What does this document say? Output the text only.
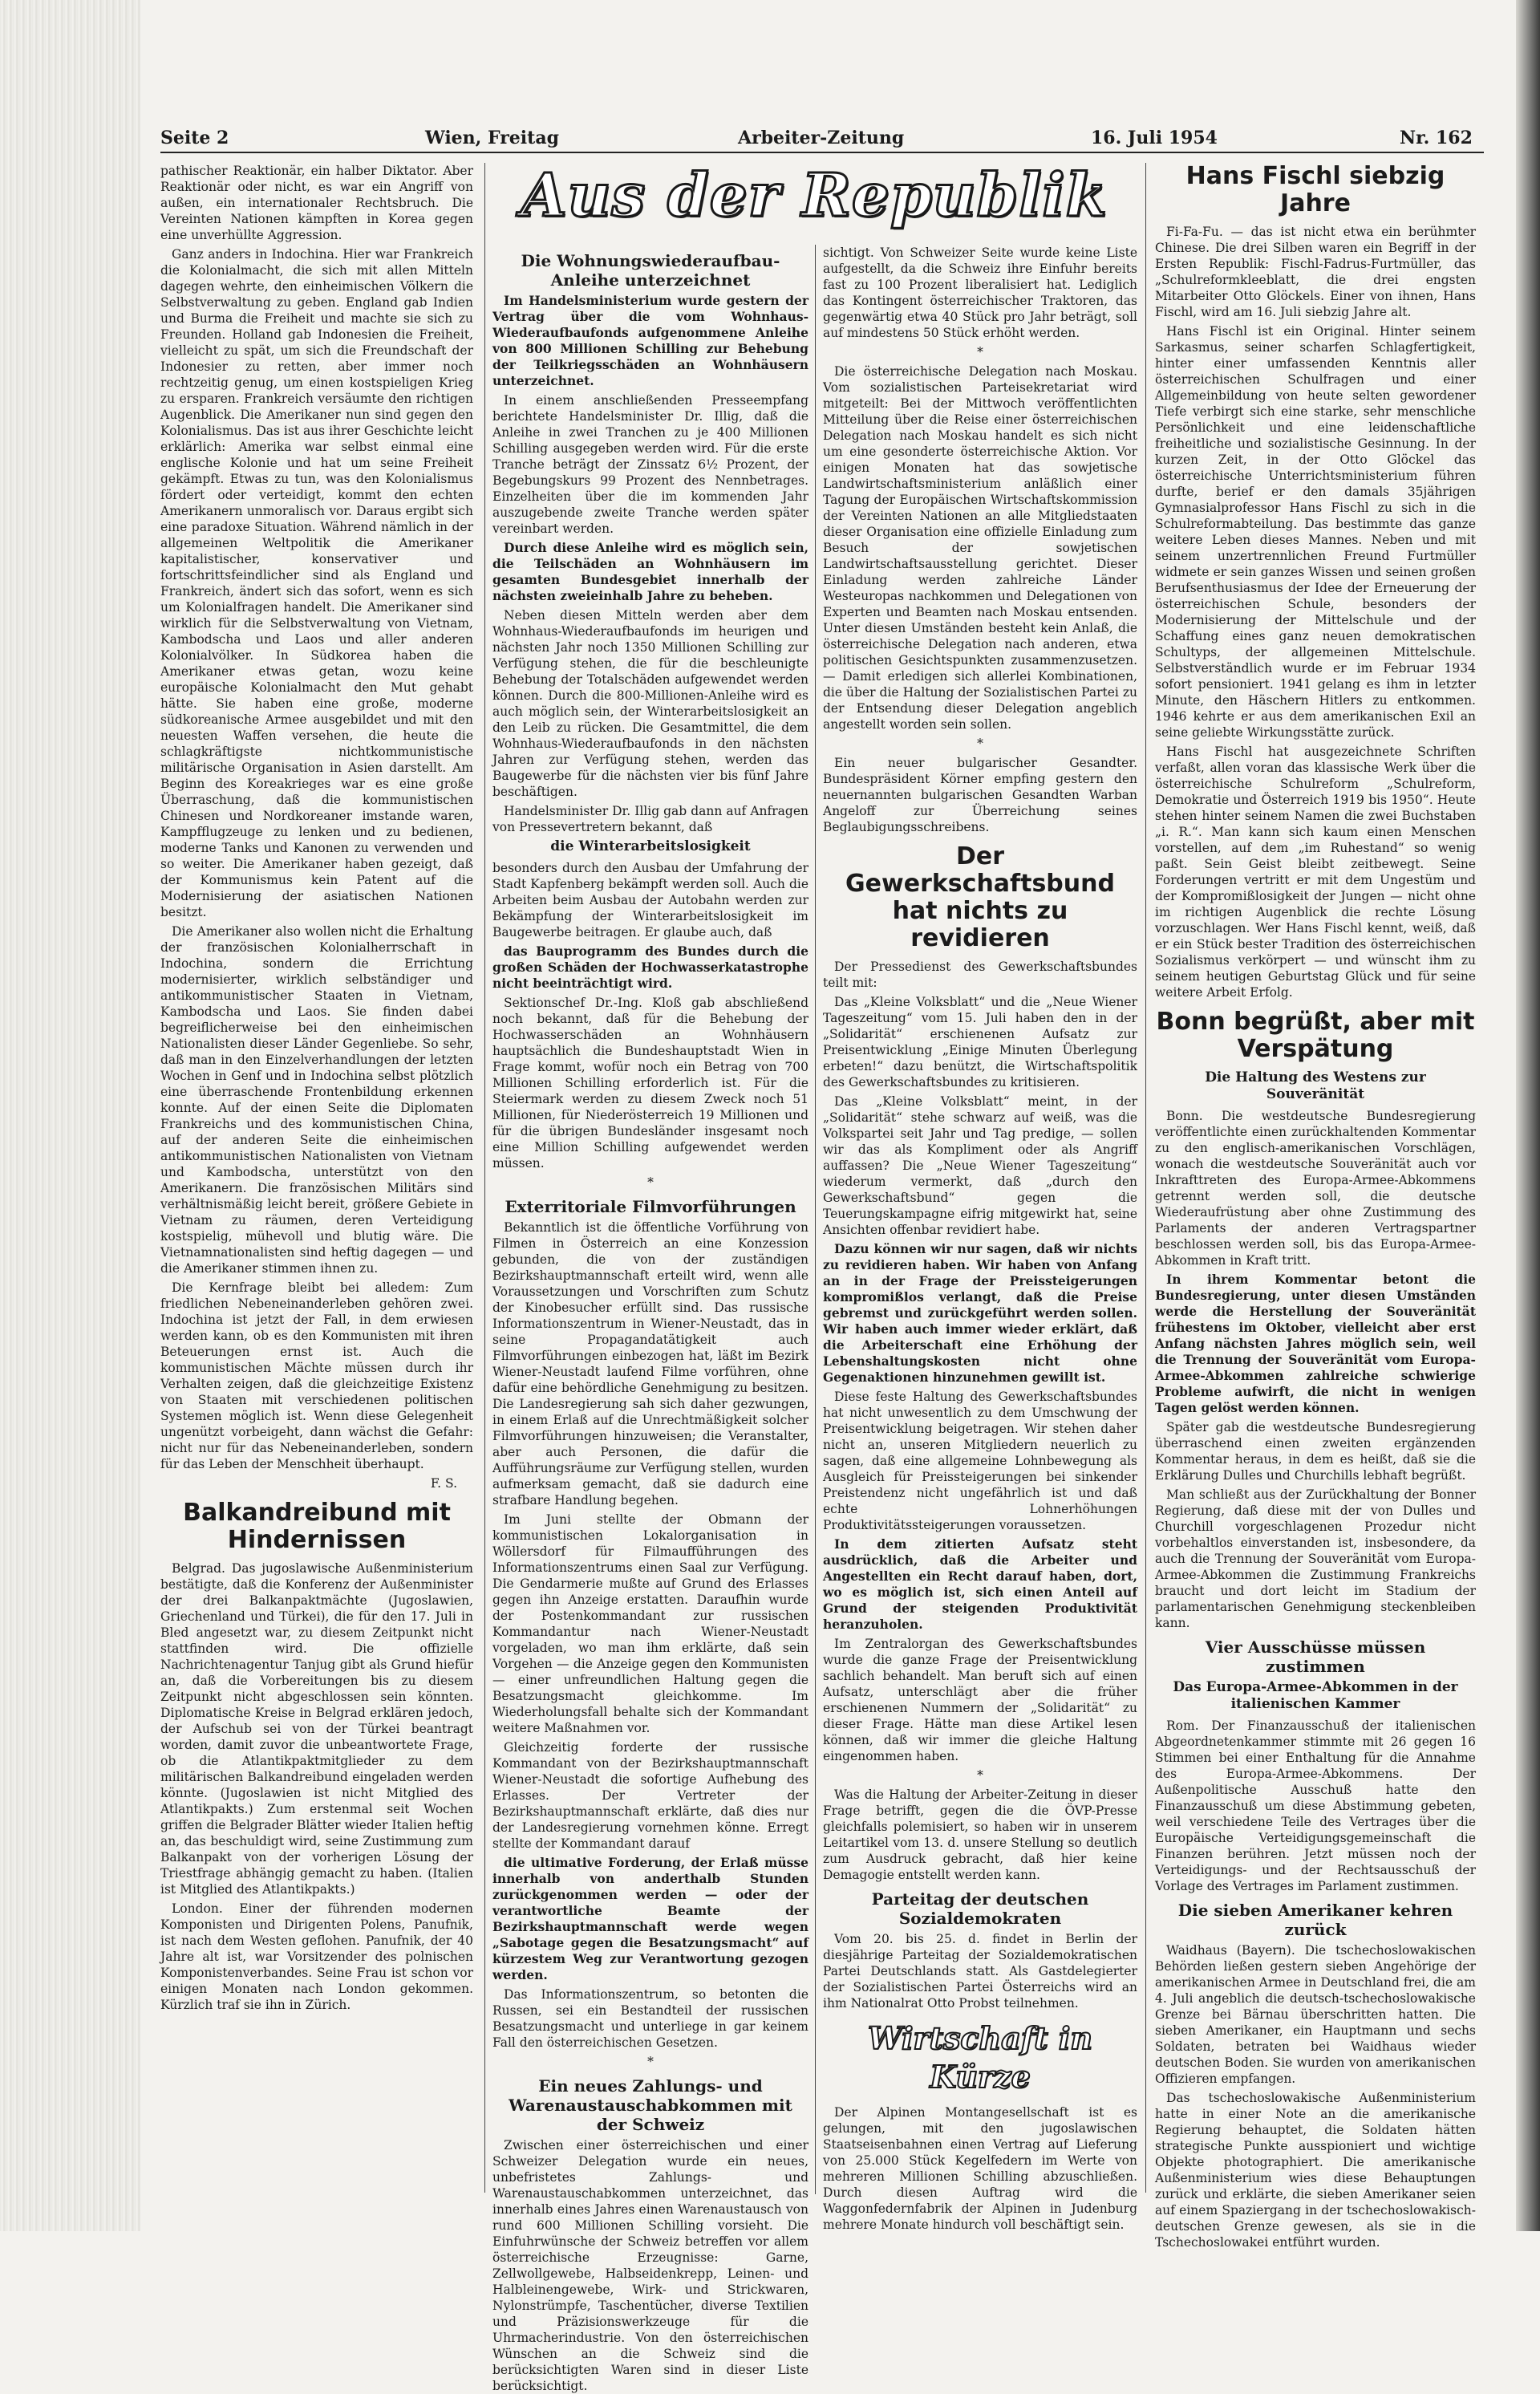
Seite 2	Wien, Freitag	Arbeiter-Zeitung	16. Juli 1954	Nr. 162

pathischer Reaktionär, ein halber Diktator. Aber Reaktionär oder nicht, es war ein Angriff von außen, ein internationaler Rechtsbruch. Die Vereinten Nationen kämpften in Korea gegen eine unverhüllte Aggression.

Ganz anders in Indochina. Hier war Frankreich die Kolonialmacht, die sich mit allen Mitteln dagegen wehrte, den einheimischen Völkern die Selbstverwaltung zu geben. England gab Indien und Burma die Freiheit und machte sie sich zu Freunden. Holland gab Indonesien die Freiheit, vielleicht zu spät, um sich die Freundschaft der Indonesier zu retten, aber immer noch rechtzeitig genug, um einen kostspieligen Krieg zu ersparen. Frankreich versäumte den richtigen Augenblick. Die Amerikaner nun sind gegen den Kolonialismus. Das ist aus ihrer Geschichte leicht erklärlich: Amerika war selbst einmal eine englische Kolonie und hat um seine Freiheit gekämpft. Etwas zu tun, was den Kolonialismus fördert oder verteidigt, kommt den echten Amerikanern unmoralisch vor. Daraus ergibt sich eine paradoxe Situation. Während nämlich in der allgemeinen Weltpolitik die Amerikaner kapitalistischer, konservativer und fortschrittsfeindlicher sind als England und Frankreich, ändert sich das sofort, wenn es sich um Kolonialfragen handelt. Die Amerikaner sind wirklich für die Selbstverwaltung von Vietnam, Kambodscha und Laos und aller anderen Kolonialvölker. In Südkorea haben die Amerikaner etwas getan, wozu keine europäische Kolonialmacht den Mut gehabt hätte. Sie haben eine große, moderne südkoreanische Armee ausgebildet und mit den neuesten Waffen versehen, die heute die schlagkräftigste nichtkommunistische militärische Organisation in Asien darstellt. Am Beginn des Koreakrieges war es eine große Überraschung, daß die kommunistischen Chinesen und Nordkoreaner imstande waren, Kampfflugzeuge zu lenken und zu bedienen, moderne Tanks und Kanonen zu verwenden und so weiter. Die Amerikaner haben gezeigt, daß der Kommunismus kein Patent auf die Modernisierung der asiatischen Nationen besitzt.

Die Amerikaner also wollen nicht die Erhaltung der französischen Kolonialherrschaft in Indochina, sondern die Errichtung modernisierter, wirklich selbständiger und antikommunistischer Staaten in Vietnam, Kambodscha und Laos. Sie finden dabei begreiflicherweise bei den einheimischen Nationalisten dieser Länder Gegenliebe. So sehr, daß man in den Einzelverhandlungen der letzten Wochen in Genf und in Indochina selbst plötzlich eine überraschende Frontenbildung erkennen konnte. Auf der einen Seite die Diplomaten Frankreichs und des kommunistischen China, auf der anderen Seite die einheimischen antikommunistischen Nationalisten von Vietnam und Kambodscha, unterstützt von den Amerikanern. Die französischen Militärs sind verhältnismäßig leicht bereit, größere Gebiete in Vietnam zu räumen, deren Verteidigung kostspielig, mühevoll und blutig wäre. Die Vietnamnationalisten sind heftig dagegen — und die Amerikaner stimmen ihnen zu.

Die Kernfrage bleibt bei alledem: Zum friedlichen Nebeneinanderleben gehören zwei. Indochina ist jetzt der Fall, in dem erwiesen werden kann, ob es den Kommunisten mit ihren Beteuerungen ernst ist. Auch die kommunistischen Mächte müssen durch ihr Verhalten zeigen, daß die gleichzeitige Existenz von Staaten mit verschiedenen politischen Systemen möglich ist. Wenn diese Gelegenheit ungenützt vorbeigeht, dann wächst die Gefahr: nicht nur für das Nebeneinanderleben, sondern für das Leben der Menschheit überhaupt.

F. S.
Balkandreibund mit Hindernissen

Belgrad. Das jugoslawische Außenministerium bestätigte, daß die Konferenz der Außenminister der drei Balkanpaktmächte (Jugoslawien, Griechenland und Türkei), die für den 17. Juli in Bled angesetzt war, zu diesem Zeitpunkt nicht stattfinden wird. Die offizielle Nachrichtenagentur Tanjug gibt als Grund hiefür an, daß die Vorbereitungen bis zu diesem Zeitpunkt nicht abgeschlossen sein könnten. Diplomatische Kreise in Belgrad erklären jedoch, der Aufschub sei von der Türkei beantragt worden, damit zuvor die unbeantwortete Frage, ob die Atlantikpaktmitglieder zu dem militärischen Balkandreibund eingeladen werden könnte. (Jugoslawien ist nicht Mitglied des Atlantikpakts.) Zum erstenmal seit Wochen griffen die Belgrader Blätter wieder Italien heftig an, das beschuldigt wird, seine Zustimmung zum Balkanpakt von der vorherigen Lösung der Triestfrage abhängig gemacht zu haben. (Italien ist Mitglied des Atlantikpakts.)

London. Einer der führenden modernen Komponisten und Dirigenten Polens, Panufnik, ist nach dem Westen geflohen. Panufnik, der 40 Jahre alt ist, war Vorsitzender des polnischen Komponistenverbandes. Seine Frau ist schon vor einigen Monaten nach London gekommen. Kürzlich traf sie ihn in Zürich.

Aus der Republik
Die Wohnungswiederaufbau-Anleihe unterzeichnet

Im Handelsministerium wurde gestern der Vertrag über die vom Wohnhaus-Wiederaufbaufonds aufgenommene Anleihe von 800 Millionen Schilling zur Behebung der Teilkriegsschäden an Wohnhäusern unterzeichnet.

In einem anschließenden Presseempfang berichtete Handelsminister Dr. Illig, daß die Anleihe in zwei Tranchen zu je 400 Millionen Schilling ausgegeben werden wird. Für die erste Tranche beträgt der Zinssatz 6½ Prozent, der Begebungskurs 99 Prozent des Nennbetrages. Einzelheiten über die im kommenden Jahr auszugebende zweite Tranche werden später vereinbart werden.

Durch diese Anleihe wird es möglich sein, die Teilschäden an Wohnhäusern im gesamten Bundesgebiet innerhalb der nächsten zweieinhalb Jahre zu beheben.

Neben diesen Mitteln werden aber dem Wohnhaus-Wiederaufbaufonds im heurigen und nächsten Jahr noch 1350 Millionen Schilling zur Verfügung stehen, die für die beschleunigte Behebung der Totalschäden aufgewendet werden können. Durch die 800-Millionen-Anleihe wird es auch möglich sein, der Winterarbeitslosigkeit an den Leib zu rücken. Die Gesamtmittel, die dem Wohnhaus-Wiederaufbaufonds in den nächsten Jahren zur Verfügung stehen, werden das Baugewerbe für die nächsten vier bis fünf Jahre beschäftigen.

Handelsminister Dr. Illig gab dann auf Anfragen von Pressevertretern bekannt, daß

die Winterarbeitslosigkeit

besonders durch den Ausbau der Umfahrung der Stadt Kapfenberg bekämpft werden soll. Auch die Arbeiten beim Ausbau der Autobahn werden zur Bekämpfung der Winterarbeitslosigkeit im Baugewerbe beitragen. Er glaube auch, daß

das Bauprogramm des Bundes durch die großen Schäden der Hochwasserkatastrophe nicht beeinträchtigt wird.

Sektionschef Dr.-Ing. Kloß gab abschließend noch bekannt, daß für die Behebung der Hochwasserschäden an Wohnhäusern hauptsächlich die Bundeshauptstadt Wien in Frage kommt, wofür noch ein Betrag von 700 Millionen Schilling erforderlich ist. Für die Steiermark werden zu diesem Zweck noch 51 Millionen, für Niederösterreich 19 Millionen und für die übrigen Bundesländer insgesamt noch eine Million Schilling aufgewendet werden müssen.

*
Exterritoriale Filmvorführungen

Bekanntlich ist die öffentliche Vorführung von Filmen in Österreich an eine Konzession gebunden, die von der zuständigen Bezirkshauptmannschaft erteilt wird, wenn alle Voraussetzungen und Vorschriften zum Schutz der Kinobesucher erfüllt sind. Das russische Informationszentrum in Wiener-Neustadt, das in seine Propagandatätigkeit auch Filmvorführungen einbezogen hat, läßt im Bezirk Wiener-Neustadt laufend Filme vorführen, ohne dafür eine behördliche Genehmigung zu besitzen. Die Landesregierung sah sich daher gezwungen, in einem Erlaß auf die Unrechtmäßigkeit solcher Filmvorführungen hinzuweisen; die Veranstalter, aber auch Personen, die dafür die Aufführungsräume zur Verfügung stellen, wurden aufmerksam gemacht, daß sie dadurch eine strafbare Handlung begehen.

Im Juni stellte der Obmann der kommunistischen Lokalorganisation in Wöllersdorf für Filmaufführungen des Informationszentrums einen Saal zur Verfügung. Die Gendarmerie mußte auf Grund des Erlasses gegen ihn Anzeige erstatten. Daraufhin wurde der Postenkommandant zur russischen Kommandantur nach Wiener-Neustadt vorgeladen, wo man ihm erklärte, daß sein Vorgehen — die Anzeige gegen den Kommunisten — einer unfreundlichen Haltung gegen die Besatzungsmacht gleichkomme. Im Wiederholungsfall behalte sich der Kommandant weitere Maßnahmen vor.

Gleichzeitig forderte der russische Kommandant von der Bezirkshauptmannschaft Wiener-Neustadt die sofortige Aufhebung des Erlasses. Der Vertreter der Bezirkshauptmannschaft erklärte, daß dies nur der Landesregierung vornehmen könne. Erregt stellte der Kommandant darauf

die ultimative Forderung, der Erlaß müsse innerhalb von anderthalb Stunden zurückgenommen werden — oder der verantwortliche Beamte der Bezirkshauptmannschaft werde wegen „Sabotage gegen die Besatzungsmacht“ auf kürzestem Weg zur Verantwortung gezogen werden.

Das Informationszentrum, so betonten die Russen, sei ein Bestandteil der russischen Besatzungsmacht und unterliege in gar keinem Fall den österreichischen Gesetzen.

*
Ein neues Zahlungs- und Warenaustauschabkommen mit der Schweiz

Zwischen einer österreichischen und einer Schweizer Delegation wurde ein neues, unbefristetes Zahlungs- und Warenaustauschabkommen unterzeichnet, das innerhalb eines Jahres einen Warenaustausch von rund 600 Millionen Schilling vorsieht. Die Einfuhrwünsche der Schweiz betreffen vor allem österreichische Erzeugnisse: Garne, Zellwollgewebe, Halbseidenkrepp, Leinen- und Halbleinengewebe, Wirk- und Strickwaren, Nylonstrümpfe, Taschentücher, diverse Textilien und Präzisionswerkzeuge für die Uhrmacherindustrie. Von den österreichischen Wünschen an die Schweiz sind die berücksichtigten Waren sind in dieser Liste berücksichtigt.

sichtigt. Von Schweizer Seite wurde keine Liste aufgestellt, da die Schweiz ihre Einfuhr bereits fast zu 100 Prozent liberalisiert hat. Lediglich das Kontingent österreichischer Traktoren, das gegenwärtig etwa 40 Stück pro Jahr beträgt, soll auf mindestens 50 Stück erhöht werden.

*

Die österreichische Delegation nach Moskau. Vom sozialistischen Parteisekretariat wird mitgeteilt: Bei der Mittwoch veröffentlichten Mitteilung über die Reise einer österreichischen Delegation nach Moskau handelt es sich nicht um eine gesonderte österreichische Aktion. Vor einigen Monaten hat das sowjetische Landwirtschaftsministerium anläßlich einer Tagung der Europäischen Wirtschaftskommission der Vereinten Nationen an alle Mitgliedstaaten dieser Organisation eine offizielle Einladung zum Besuch der sowjetischen Landwirtschaftsausstellung gerichtet. Dieser Einladung werden zahlreiche Länder Westeuropas nachkommen und Delegationen von Experten und Beamten nach Moskau entsenden. Unter diesen Umständen besteht kein Anlaß, die österreichische Delegation nach anderen, etwa politischen Gesichtspunkten zusammenzusetzen. — Damit erledigen sich allerlei Kombinationen, die über die Haltung der Sozialistischen Partei zu der Entsendung dieser Delegation angeblich angestellt worden sein sollen.

*

Ein neuer bulgarischer Gesandter. Bundespräsident Körner empfing gestern den neuernannten bulgarischen Gesandten Warban Angeloff zur Überreichung seines Beglaubigungsschreibens.

Der Gewerkschaftsbund hat nichts zu revidieren

Der Pressedienst des Gewerkschaftsbundes teilt mit:

Das „Kleine Volksblatt“ und die „Neue Wiener Tageszeitung“ vom 15. Juli haben den in der „Solidarität“ erschienenen Aufsatz zur Preisentwicklung „Einige Minuten Überlegung erbeten!“ dazu benützt, die Wirtschaftspolitik des Gewerkschaftsbundes zu kritisieren.

Das „Kleine Volksblatt“ meint, in der „Solidarität“ stehe schwarz auf weiß, was die Volkspartei seit Jahr und Tag predige, — sollen wir das als Kompliment oder als Angriff auffassen? Die „Neue Wiener Tageszeitung“ wiederum vermerkt, daß „durch den Gewerkschaftsbund“ gegen die Teuerungskampagne eifrig mitgewirkt hat, seine Ansichten offenbar revidiert habe.

Dazu können wir nur sagen, daß wir nichts zu revidieren haben. Wir haben von Anfang an in der Frage der Preissteigerungen kompromißlos verlangt, daß die Preise gebremst und zurückgeführt werden sollen. Wir haben auch immer wieder erklärt, daß die Arbeiterschaft eine Erhöhung der Lebenshaltungskosten nicht ohne Gegenaktionen hinzunehmen gewillt ist.

Diese feste Haltung des Gewerkschaftsbundes hat nicht unwesentlich zu dem Umschwung der Preisentwicklung beigetragen. Wir stehen daher nicht an, unseren Mitgliedern neuerlich zu sagen, daß eine allgemeine Lohnbewegung als Ausgleich für Preissteigerungen bei sinkender Preistendenz nicht ungefährlich ist und daß echte Lohnerhöhungen Produktivitätssteigerungen voraussetzen.

In dem zitierten Aufsatz steht ausdrücklich, daß die Arbeiter und Angestellten ein Recht darauf haben, dort, wo es möglich ist, sich einen Anteil auf Grund der steigenden Produktivität heranzuholen.

Im Zentralorgan des Gewerkschaftsbundes wurde die ganze Frage der Preisentwicklung sachlich behandelt. Man beruft sich auf einen Aufsatz, unterschlägt aber die früher erschienenen Nummern der „Solidarität“ zu dieser Frage. Hätte man diese Artikel lesen können, daß wir immer die gleiche Haltung eingenommen haben.

*

Was die Haltung der Arbeiter-Zeitung in dieser Frage betrifft, gegen die die ÖVP-Presse gleichfalls polemisiert, so haben wir in unserem Leitartikel vom 13. d. unsere Stellung so deutlich zum Ausdruck gebracht, daß hier keine Demagogie entstellt werden kann.

Parteitag der deutschen Sozialdemokraten

Vom 20. bis 25. d. findet in Berlin der diesjährige Parteitag der Sozialdemokratischen Partei Deutschlands statt. Als Gastdelegierter der Sozialistischen Partei Österreichs wird an ihm Nationalrat Otto Probst teilnehmen.

Wirtschaft in Kürze

Der Alpinen Montangesellschaft ist es gelungen, mit den jugoslawischen Staatseisenbahnen einen Vertrag auf Lieferung von 25.000 Stück Kegelfedern im Werte von mehreren Millionen Schilling abzuschließen. Durch diesen Auftrag wird die Waggonfedernfabrik der Alpinen in Judenburg mehrere Monate hindurch voll beschäftigt sein.

Hans Fischl siebzig Jahre

Fi-Fa-Fu. — das ist nicht etwa ein berühmter Chinese. Die drei Silben waren ein Begriff in der Ersten Republik: Fischl-Fadrus-Furtmüller, das „Schulreformkleeblatt, die drei engsten Mitarbeiter Otto Glöckels. Einer von ihnen, Hans Fischl, wird am 16. Juli siebzig Jahre alt.

Hans Fischl ist ein Original. Hinter seinem Sarkasmus, seiner scharfen Schlagfertigkeit, hinter einer umfassenden Kenntnis aller österreichischen Schulfragen und einer Allgemeinbildung von heute selten gewordener Tiefe verbirgt sich eine starke, sehr menschliche Persönlichkeit und eine leidenschaftliche freiheitliche und sozialistische Gesinnung. In der kurzen Zeit, in der Otto Glöckel das österreichische Unterrichtsministerium führen durfte, berief er den damals 35jährigen Gymnasialprofessor Hans Fischl zu sich in die Schulreformabteilung. Das bestimmte das ganze weitere Leben dieses Mannes. Neben und mit seinem unzertrennlichen Freund Furtmüller widmete er sein ganzes Wissen und seinen großen Berufsenthusiasmus der Idee der Erneuerung der österreichischen Schule, besonders der Modernisierung der Mittelschule und der Schaffung eines ganz neuen demokratischen Schultyps, der allgemeinen Mittelschule. Selbstverständlich wurde er im Februar 1934 sofort pensioniert. 1941 gelang es ihm in letzter Minute, den Häschern Hitlers zu entkommen. 1946 kehrte er aus dem amerikanischen Exil an seine geliebte Wirkungsstätte zurück.

Hans Fischl hat ausgezeichnete Schriften verfaßt, allen voran das klassische Werk über die österreichische Schulreform „Schulreform, Demokratie und Österreich 1919 bis 1950“. Heute stehen hinter seinem Namen die zwei Buchstaben „i. R.“. Man kann sich kaum einen Menschen vorstellen, auf dem „im Ruhestand“ so wenig paßt. Sein Geist bleibt zeitbewegt. Seine Forderungen vertritt er mit dem Ungestüm und der Kompromißlosigkeit der Jungen — nicht ohne im richtigen Augenblick die rechte Lösung vorzuschlagen. Wer Hans Fischl kennt, weiß, daß er ein Stück bester Tradition des österreichischen Sozialismus verkörpert — und wünscht ihm zu seinem heutigen Geburtstag Glück und für seine weitere Arbeit Erfolg.

Bonn begrüßt, aber mit Verspätung
Die Haltung des Westens zur Souveränität

Bonn. Die westdeutsche Bundesregierung veröffentlichte einen zurückhaltenden Kommentar zu den englisch-amerikanischen Vorschlägen, wonach die westdeutsche Souveränität auch vor Inkrafttreten des Europa-Armee-Abkommens getrennt werden soll, die deutsche Wiederaufrüstung aber ohne Zustimmung des Parlaments der anderen Vertragspartner beschlossen werden soll, bis das Europa-Armee-Abkommen in Kraft tritt.

In ihrem Kommentar betont die Bundesregierung, unter diesen Umständen werde die Herstellung der Souveränität frühestens im Oktober, vielleicht aber erst Anfang nächsten Jahres möglich sein, weil die Trennung der Souveränität vom Europa-Armee-Abkommen zahlreiche schwierige Probleme aufwirft, die nicht in wenigen Tagen gelöst werden können.

Später gab die westdeutsche Bundesregierung überraschend einen zweiten ergänzenden Kommentar heraus, in dem es heißt, daß sie die Erklärung Dulles und Churchills lebhaft begrüßt.

Man schließt aus der Zurückhaltung der Bonner Regierung, daß diese mit der von Dulles und Churchill vorgeschlagenen Prozedur nicht vorbehaltlos einverstanden ist, insbesondere, da auch die Trennung der Souveränität vom Europa-Armee-Abkommen die Zustimmung Frankreichs braucht und dort leicht im Stadium der parlamentarischen Genehmigung steckenbleiben kann.

Vier Ausschüsse müssen zustimmen
Das Europa-Armee-Abkommen in der italienischen Kammer

Rom. Der Finanzausschuß der italienischen Abgeordnetenkammer stimmte mit 26 gegen 16 Stimmen bei einer Enthaltung für die Annahme des Europa-Armee-Abkommens. Der Außenpolitische Ausschuß hatte den Finanzausschuß um diese Abstimmung gebeten, weil verschiedene Teile des Vertrages über die Europäische Verteidigungsgemeinschaft die Finanzen berühren. Jetzt müssen noch der Verteidigungs- und der Rechtsausschuß der Vorlage des Vertrages im Parlament zustimmen.

Die sieben Amerikaner kehren zurück

Waidhaus (Bayern). Die tschechoslowakischen Behörden ließen gestern sieben Angehörige der amerikanischen Armee in Deutschland frei, die am 4. Juli angeblich die deutsch-tschechoslowakische Grenze bei Bärnau überschritten hatten. Die sieben Amerikaner, ein Hauptmann und sechs Soldaten, betraten bei Waidhaus wieder deutschen Boden. Sie wurden von amerikanischen Offizieren empfangen.

Das tschechoslowakische Außenministerium hatte in einer Note an die amerikanische Regierung behauptet, die Soldaten hätten strategische Punkte ausspioniert und wichtige Objekte photographiert. Die amerikanische Außenministerium wies diese Behauptungen zurück und erklärte, die sieben Amerikaner seien auf einem Spaziergang in der tschechoslowakisch-deutschen Grenze gewesen, als sie in die Tschechoslowakei entführt wurden.
